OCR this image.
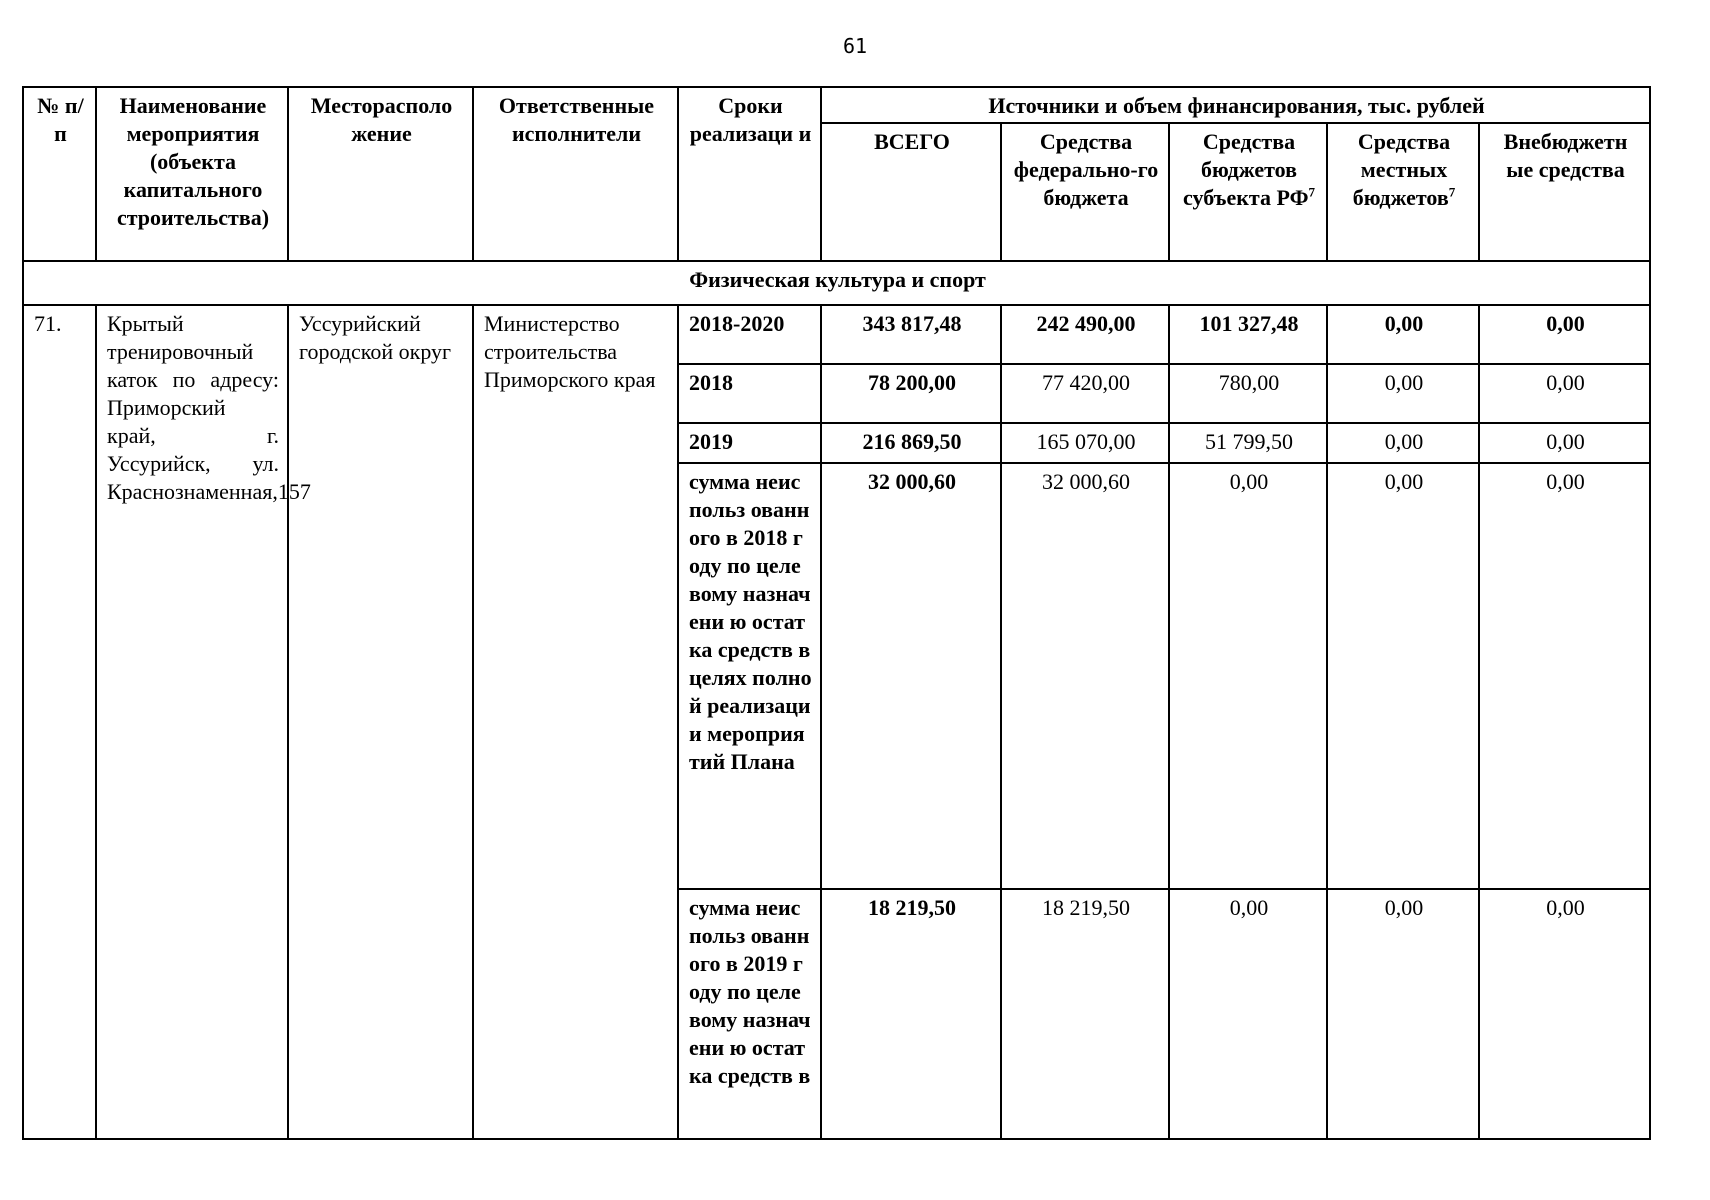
61
№ п/п	Наименование мероприятия (объекта капитального строительства)	Месторасполо жение	Ответственные исполнители	Сроки реализаци и	Источники и объем финансирования, тыс. рублей				
					ВСЕГО	Средства федерально-го бюджета	Средства бюджетов субъекта $РФ^7$	Средства местных бюджетов$^7$	Внебюджетн ые средства
Физическая культура и спорт									
71.	Крытый тренировочный каток по адресу: Приморский край, г. Уссурийск, ул. Краснознаменная,157	Уссурийский городской округ	Министерство строительства Приморского края	2018-2020	343 817,48	242 490,00	101 327,48	0,00	0,00
				2018	78 200,00	77 420,00	780,00	0,00	0,00
				2019	216 869,50	165 070,00	51 799,50	0,00	0,00
				сумма неиспольз ованного в 2018 году по целевому назначени ю остатка средств в целях полной реализаци и мероприя тий Плана	32 000,60	32 000,60	0,00	0,00	0,00
				сумма неиспольз ованного в 2019 году по целевому назначени ю остатка средств в	18 219,50	18 219,50	0,00	0,00	0,00
